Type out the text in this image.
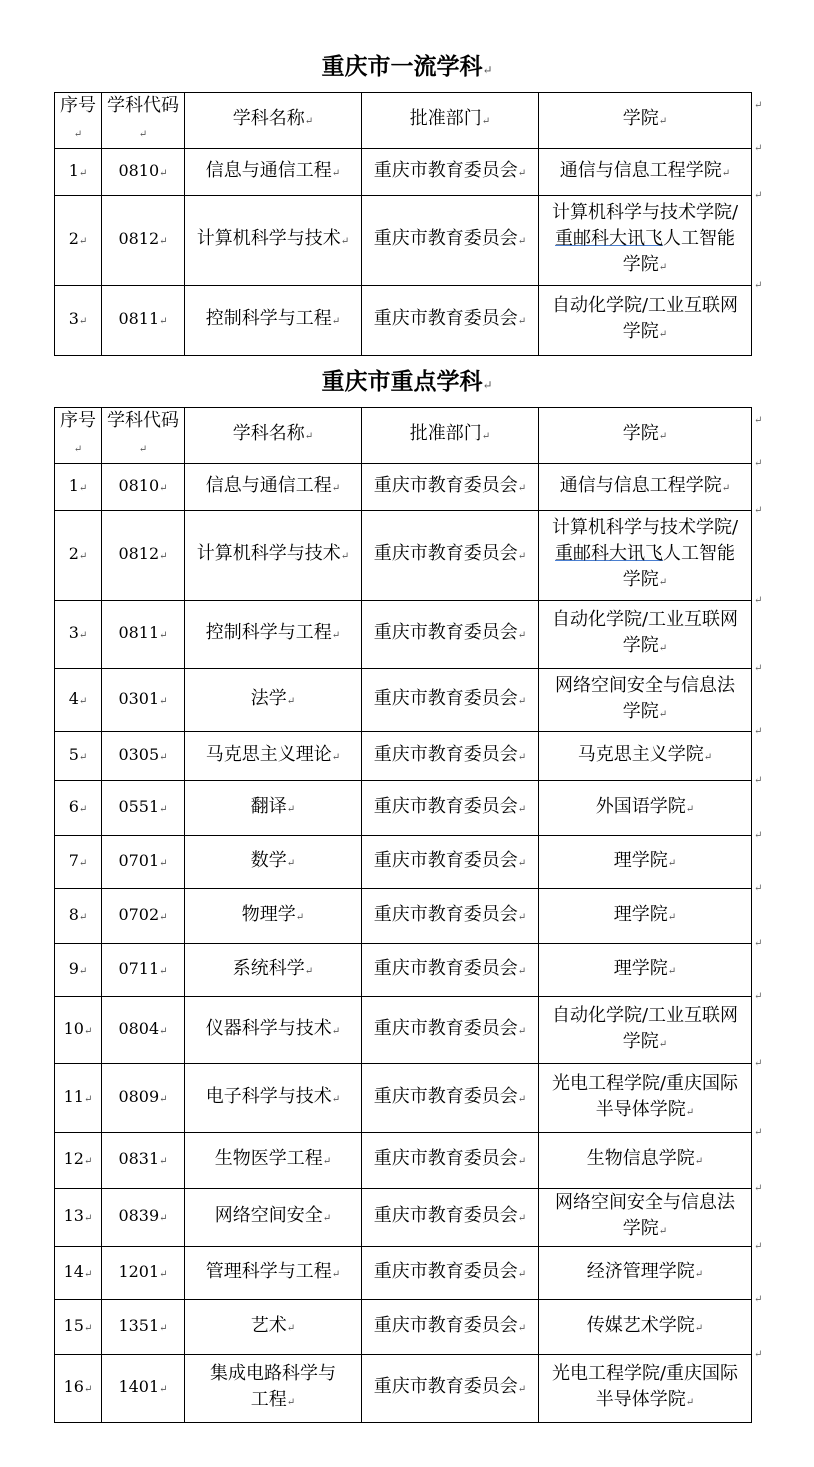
重庆市一流学科↵
序号↵	学科代码↵	学科名称↵	批准部门↵	学院↵
1↵	0810↵	信息与通信工程↵	重庆市教育委员会↵	通信与信息工程学院↵
2↵	0812↵	计算机科学与技术↵	重庆市教育委员会↵	计算机科学与技术学院/
重邮科大讯飞人工智能
学院↵
3↵	0811↵	控制科学与工程↵	重庆市教育委员会↵	自动化学院/工业互联网
学院↵
重庆市重点学科↵
序号↵	学科代码↵	学科名称↵	批准部门↵	学院↵
1↵	0810↵	信息与通信工程↵	重庆市教育委员会↵	通信与信息工程学院↵
2↵	0812↵	计算机科学与技术↵	重庆市教育委员会↵	计算机科学与技术学院/
重邮科大讯飞人工智能
学院↵
3↵	0811↵	控制科学与工程↵	重庆市教育委员会↵	自动化学院/工业互联网
学院↵
4↵	0301↵	法学↵	重庆市教育委员会↵	网络空间安全与信息法
学院↵
5↵	0305↵	马克思主义理论↵	重庆市教育委员会↵	马克思主义学院↵
6↵	0551↵	翻译↵	重庆市教育委员会↵	外国语学院↵
7↵	0701↵	数学↵	重庆市教育委员会↵	理学院↵
8↵	0702↵	物理学↵	重庆市教育委员会↵	理学院↵
9↵	0711↵	系统科学↵	重庆市教育委员会↵	理学院↵
10↵	0804↵	仪器科学与技术↵	重庆市教育委员会↵	自动化学院/工业互联网
学院↵
11↵	0809↵	电子科学与技术↵	重庆市教育委员会↵	光电工程学院/重庆国际
半导体学院↵
12↵	0831↵	生物医学工程↵	重庆市教育委员会↵	生物信息学院↵
13↵	0839↵	网络空间安全↵	重庆市教育委员会↵	网络空间安全与信息法
学院↵
14↵	1201↵	管理科学与工程↵	重庆市教育委员会↵	经济管理学院↵
15↵	1351↵	艺术↵	重庆市教育委员会↵	传媒艺术学院↵
16↵	1401↵	集成电路科学与
工程↵	重庆市教育委员会↵	光电工程学院/重庆国际
半导体学院↵
↵
↵
↵
↵
↵
↵
↵
↵
↵
↵
↵
↵
↵
↵
↵
↵
↵
↵
↵
↵
↵
